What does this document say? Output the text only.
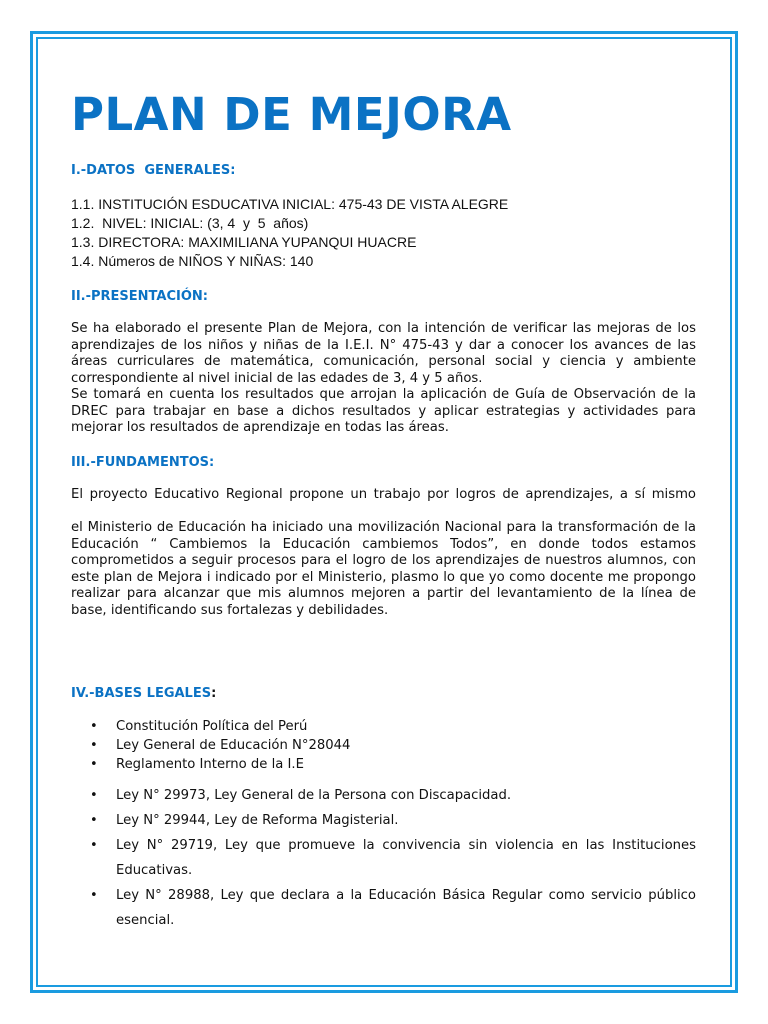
PLAN DE MEJORA
I.-DATOS  GENERALES:
1.1. INSTITUCIÓN ESDUCATIVA INICIAL: 475-43 DE VISTA ALEGRE
1.2.  NIVEL: INICIAL: (3, 4  y  5  años)
1.3. DIRECTORA: MAXIMILIANA YUPANQUI HUACRE
1.4. Números de NIÑOS Y NIÑAS: 140
II.-PRESENTACIÓN:

Se ha elaborado el presente Plan de Mejora, con la intención de verificar las mejoras de los aprendizajes de los niños y niñas de la I.E.I. N° 475-43 y dar a conocer los avances de las áreas curriculares de matemática, comunicación, personal social y ciencia y ambiente correspondiente al nivel inicial de las edades de 3, 4 y 5 años.

Se tomará en cuenta los resultados que arrojan la aplicación de Guía de Observación de la DREC para trabajar en base a dichos resultados y aplicar estrategias y actividades para mejorar los resultados de aprendizaje en todas las áreas.

III.-FUNDAMENTOS:

El proyecto Educativo Regional propone un trabajo por logros de aprendizajes, a sí mismo

el Ministerio de Educación ha iniciado una movilización Nacional para la transformación de la Educación “ Cambiemos la Educación cambiemos Todos”, en donde todos estamos comprometidos a seguir procesos para el logro de los aprendizajes de nuestros alumnos, con este plan de Mejora i indicado por el Ministerio, plasmo lo que yo como docente me propongo realizar para alcanzar que mis alumnos mejoren a partir del levantamiento de la línea de base, identificando sus fortalezas y debilidades.

IV.-BASES LEGALES:
• Constitución Política del Perú
• Ley General de Educación N°28044
• Reglamento Interno de la I.E
• Ley N° 29973, Ley General de la Persona con Discapacidad.
• Ley N° 29944, Ley de Reforma Magisterial.
• Ley N° 29719, Ley que promueve la convivencia sin violencia en las Instituciones Educativas.
• Ley N° 28988, Ley que declara a la Educación Básica Regular como servicio público esencial.
